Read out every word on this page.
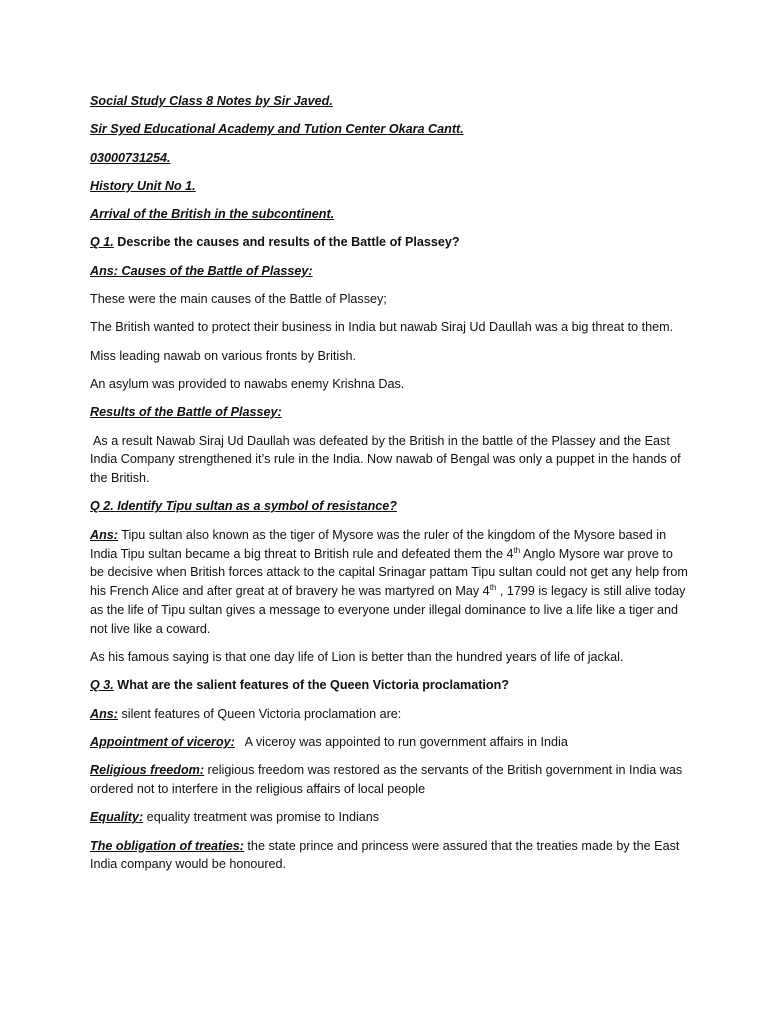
Social Study Class 8 Notes by Sir Javed.

Sir Syed Educational Academy and Tution Center Okara Cantt.

03000731254.

History Unit No 1.

Arrival of the British in the subcontinent.

Q 1. Describe the causes and results of the Battle of Plassey?

Ans: Causes of the Battle of Plassey:

These were the main causes of the Battle of Plassey;

The British wanted to protect their business in India but nawab Siraj Ud Daullah was a big threat to them.

Miss leading nawab on various fronts by British.

An asylum was provided to nawabs enemy Krishna Das.

Results of the Battle of Plassey:

As a result Nawab Siraj Ud Daullah was defeated by the British in the battle of the Plassey and the East India Company strengthened it’s rule in the India. Now nawab of Bengal was only a puppet in the hands of the British.

Q 2. Identify Tipu sultan as a symbol of resistance?

Ans: Tipu sultan also known as the tiger of Mysore was the ruler of the kingdom of the Mysore based in India Tipu sultan became a big threat to British rule and defeated them the 4th Anglo Mysore war prove to be decisive when British forces attack to the capital Srinagar pattam Tipu sultan could not get any help from his French Alice and after great at of bravery he was martyred on May 4th , 1799 is legacy is still alive today as the life of Tipu sultan gives a message to everyone under illegal dominance to live a life like a tiger and not live like a coward.

As his famous saying is that one day life of Lion is better than the hundred years of life of jackal.

Q 3. What are the salient features of the Queen Victoria proclamation?

Ans: silent features of Queen Victoria proclamation are:

Appointment of viceroy:   A viceroy was appointed to run government affairs in India

Religious freedom: religious freedom was restored as the servants of the British government in India was ordered not to interfere in the religious affairs of local people

Equality: equality treatment was promise to Indians

The obligation of treaties: the state prince and princess were assured that the treaties made by the East India company would be honoured.
